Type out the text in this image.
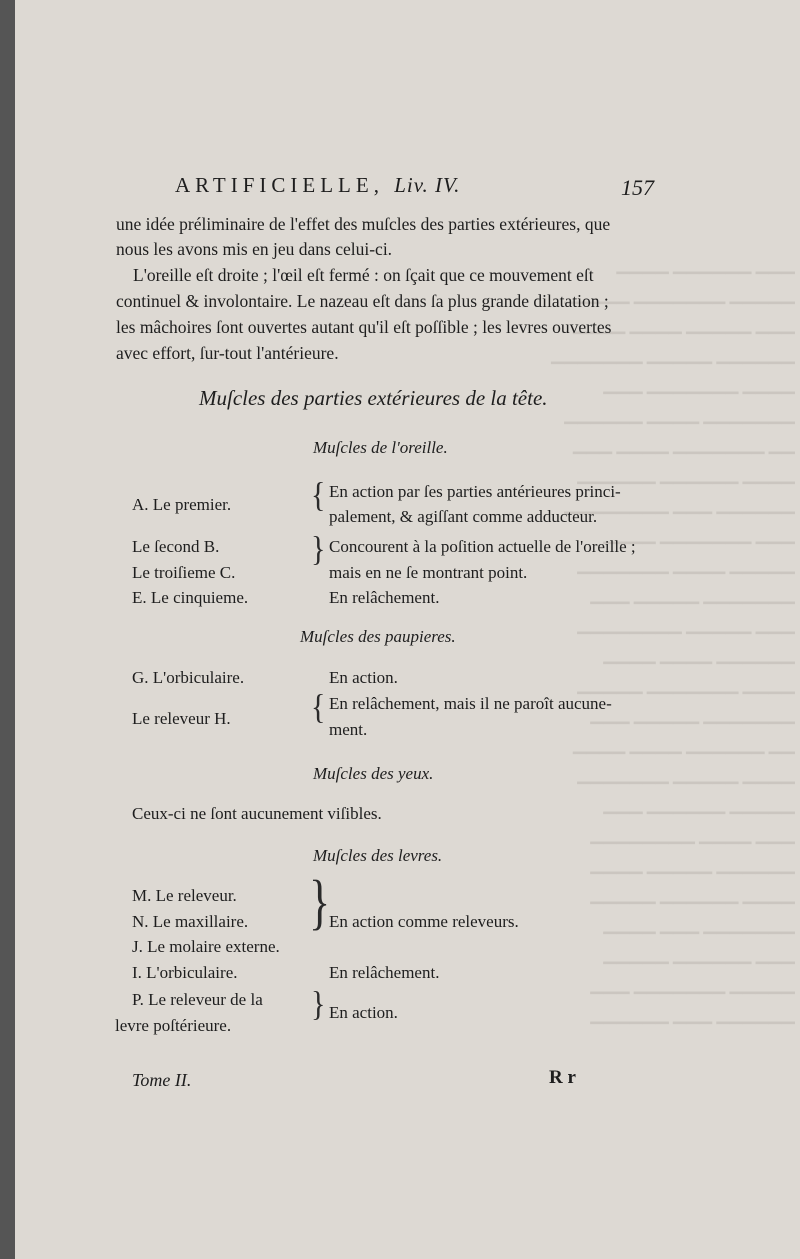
▁▁▁ ▁▁▁▁▁▁ ▁▁▁▁
▁▁▁▁▁ ▁▁▁▁▁▁▁ ▁▁▁▁▁
▁▁▁ ▁▁▁▁▁ ▁▁▁▁ ▁▁▁▁
▁▁▁▁▁▁ ▁▁▁▁▁ ▁▁▁▁▁▁▁
▁▁▁▁ ▁▁▁▁▁▁▁ ▁▁▁
▁▁▁▁▁▁▁ ▁▁▁▁ ▁▁▁▁▁▁
▁▁ ▁▁▁▁▁▁▁ ▁▁▁▁ ▁▁▁
▁▁▁▁ ▁▁▁▁▁▁ ▁▁▁▁▁▁
▁▁▁▁▁▁ ▁▁▁ ▁▁▁▁▁▁▁▁
▁▁▁ ▁▁▁▁▁▁▁ ▁▁▁▁
▁▁▁▁▁ ▁▁▁▁ ▁▁▁▁▁▁▁
▁▁▁▁▁▁▁ ▁▁▁▁▁ ▁▁▁
▁▁▁ ▁▁▁▁▁ ▁▁▁▁▁▁▁▁
▁▁▁▁▁▁ ▁▁▁▁ ▁▁▁▁
▁▁▁▁ ▁▁▁▁▁▁▁ ▁▁▁▁▁
▁▁▁▁▁▁▁ ▁▁▁▁▁ ▁▁▁
▁▁ ▁▁▁▁▁▁ ▁▁▁▁ ▁▁▁▁
▁▁▁▁ ▁▁▁▁▁ ▁▁▁▁▁▁▁
▁▁▁▁▁ ▁▁▁▁▁▁ ▁▁▁
▁▁▁ ▁▁▁▁ ▁▁▁▁▁▁▁▁
▁▁▁▁▁▁ ▁▁▁▁▁ ▁▁▁▁
▁▁▁▁ ▁▁▁▁▁▁ ▁▁▁▁▁
▁▁▁▁▁▁▁ ▁▁▁ ▁▁▁▁
▁▁▁ ▁▁▁▁▁▁ ▁▁▁▁▁
▁▁▁▁▁ ▁▁▁▁▁▁▁ ▁▁▁
▁▁▁▁▁▁ ▁▁▁ ▁▁▁▁▁▁
ARTIFICIELLE, Liv. IV.	157
une idée préliminaire de l'effet des muſcles des parties extérieures, que
nous les avons mis en jeu dans celui-ci.
L'oreille eſt droite ; l'œil eſt fermé : on ſçait que ce mouvement eſt
continuel & involontaire. Le nazeau eſt dans ſa plus grande dilatation ;
les mâchoires ſont ouvertes autant qu'il eſt poſſible ; les levres ouvertes
avec effort, ſur-tout l'antérieure.
Muſcles des parties extérieures de la tête.
Muſcles de l'oreille.
A. Le premier.	{ En action par ſes parties antérieures princi-
palement, & agiſſant comme adducteur.
Le ſecond B.
Le troiſieme C.
} Concourent à la poſition actuelle de l'oreille ;
mais en ne ſe montrant point.
E. Le cinquieme.	En relâchement.
Muſcles des paupieres.
G. L'orbiculaire.	En action.
Le releveur H.	{ En relâchement, mais il ne paroît aucune-
ment.
Muſcles des yeux.
Ceux-ci ne ſont aucunement viſibles.
Muſcles des levres.
M. Le releveur.
N. Le maxillaire.
J. Le molaire externe.
}
En action comme releveurs.
I. L'orbiculaire.	En relâchement.
P. Le releveur de la
levre poſtérieure.
} En action.
Tome II.	R r
